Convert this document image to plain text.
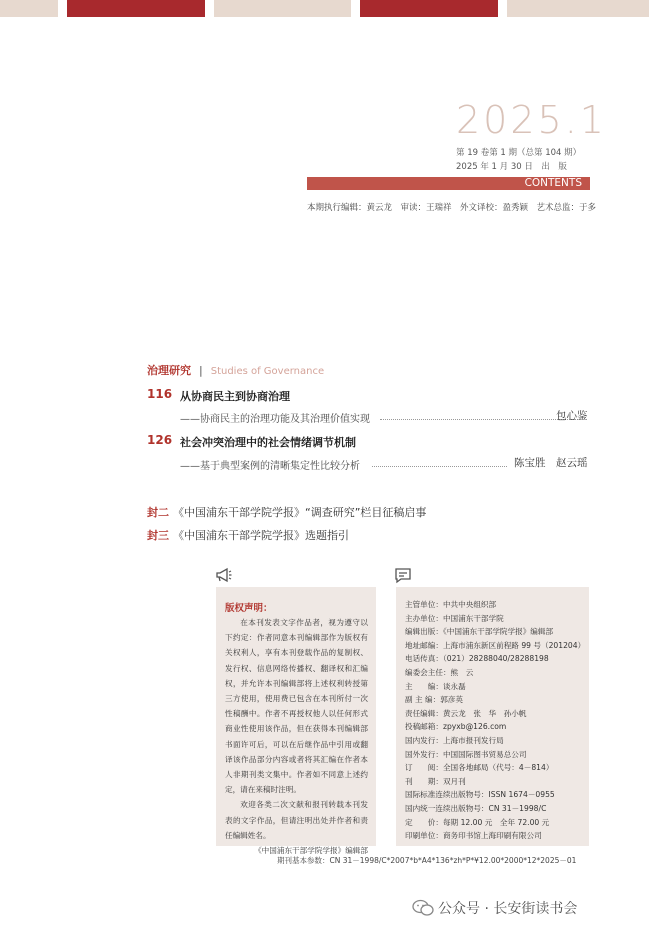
2025.1
第 19 卷第 1 期（总第 104 期）
2025 年 1 月 30 日　出　版
CONTENTS
本期执行编辑：黄云龙　审读：王瑞祥　外文译校：盈秀颖　艺术总监：于多
治理研究 | Studies of Governance
116 从协商民主到协商治理
——协商民主的治理功能及其治理价值实现	包心鉴
126 社会冲突治理中的社会情绪调节机制
——基于典型案例的清晰集定性比较分析	陈宝胜　赵云瑶
封二 《中国浦东干部学院学报》“调查研究”栏目征稿启事
封三 《中国浦东干部学院学报》选题指引
版权声明：

在本刊发表文字作品者，视为遵守以下约定：作者同意本刊编辑部作为版权有关权利人，享有本刊登载作品的复制权、发行权、信息网络传播权、翻译权和汇编权，并允许本刊编辑部将上述权利转授第三方使用，使用费已包含在本刊所付一次性稿酬中。作者不再授权他人以任何形式商业性使用该作品，但在获得本刊编辑部书面许可后，可以在后继作品中引用或翻译该作品部分内容或者将其汇编在作者本人非期刊类文集中。作者如不同意上述约定，请在来稿时注明。

欢迎各类二次文献和报刊转载本刊发表的文字作品，但请注明出处并作者和责任编辑姓名。

《中国浦东干部学院学报》编辑部

主管单位：中共中央组织部
主办单位：中国浦东干部学院
编辑出版：《中国浦东干部学院学报》编辑部
地址邮编：上海市浦东新区前程路 99 号（201204）
电话传真：（021）28288040/28288198
编委会主任：熊　云
主　　编：谈永磊
副 主 编：郭彦英
责任编辑：黄云龙　张　华　孙小帆
投稿邮箱：zpyxb@126.com
国内发行：上海市报刊发行局
国外发行：中国国际图书贸易总公司
订　　阅：全国各地邮局（代号：4－814）
刊　　期：双月刊
国际标准连续出版物号：ISSN 1674－0955
国内统一连续出版物号：CN 31－1998/C
定　　价：每期 12.00 元　全年 72.00 元
印刷单位：商务印书馆上海印刷有限公司
期刊基本参数：CN 31－1998/C*2007*b*A4*136*zh*P*¥12.00*2000*12*2025－01
公众号 · 长安街读书会
